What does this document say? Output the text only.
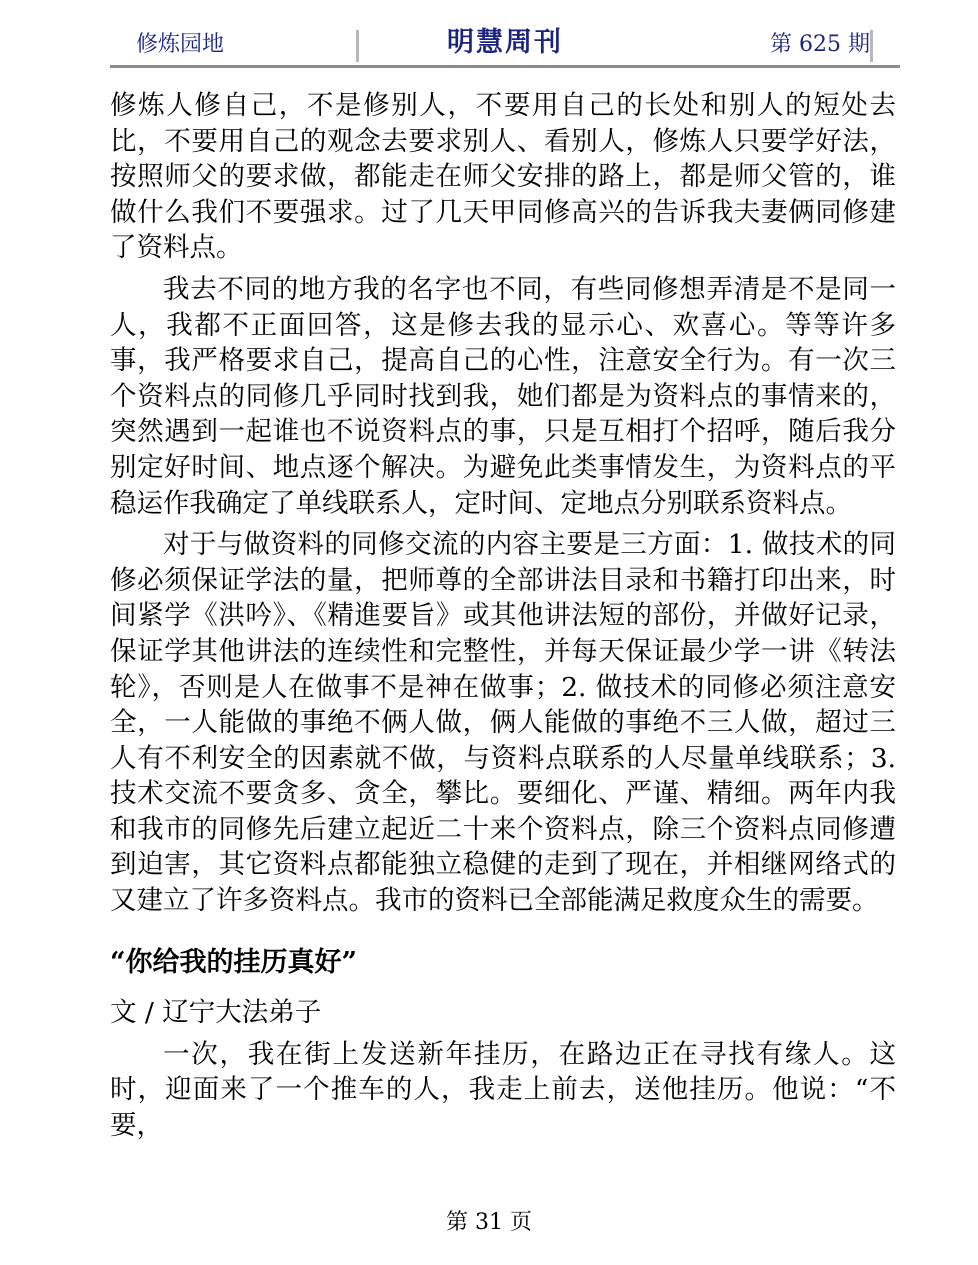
修炼园地	明慧周刊	第 625 期

修炼人修自己，不是修别人，不要用自己的长处和别人的短处去比，不要用自己的观念去要求别人、看别人，修炼人只要学好法，按照师父的要求做，都能走在师父安排的路上，都是师父管的，谁做什么我们不要强求。过了几天甲同修高兴的告诉我夫妻俩同修建了资料点。

我去不同的地方我的名字也不同，有些同修想弄清是不是同一人，我都不正面回答，这是修去我的显示心、欢喜心。等等许多事，我严格要求自己，提高自己的心性，注意安全行为。有一次三个资料点的同修几乎同时找到我，她们都是为资料点的事情来的，突然遇到一起谁也不说资料点的事，只是互相打个招呼，随后我分别定好时间、地点逐个解决。为避免此类事情发生，为资料点的平稳运作我确定了单线联系人，定时间、定地点分别联系资料点。

对于与做资料的同修交流的内容主要是三方面：1. 做技术的同修必须保证学法的量，把师尊的全部讲法目录和书籍打印出来，时间紧学《洪吟》、《精進要旨》或其他讲法短的部份，并做好记录，保证学其他讲法的连续性和完整性，并每天保证最少学一讲《转法轮》，否则是人在做事不是神在做事；2. 做技术的同修必须注意安全，一人能做的事绝不俩人做，俩人能做的事绝不三人做，超过三人有不利安全的因素就不做，与资料点联系的人尽量单线联系；3. 技术交流不要贪多、贪全，攀比。要细化、严谨、精细。两年内我和我市的同修先后建立起近二十来个资料点，除三个资料点同修遭到迫害，其它资料点都能独立稳健的走到了现在，并相继网络式的又建立了许多资料点。我市的资料已全部能满足救度众生的需要。

“你给我的挂历真好”
文 / 辽宁大法弟子

一次，我在街上发送新年挂历，在路边正在寻找有缘人。这时，迎面来了一个推车的人，我走上前去，送他挂历。他说：“不要，

第 31 页
